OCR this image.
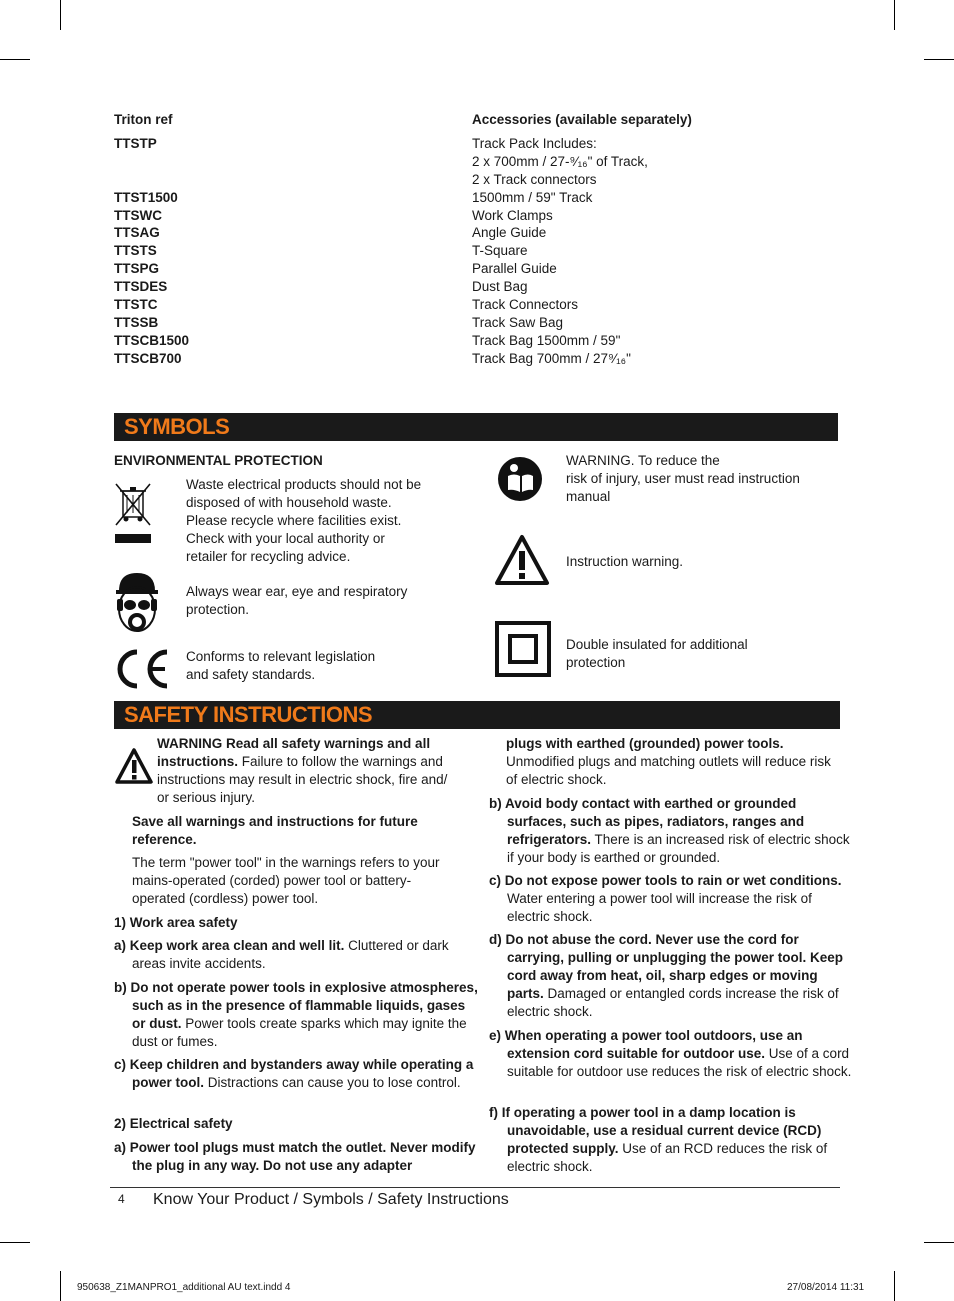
Triton ref	Accessories (available separately)
TTSTP	Track Pack Includes:
2 x 700mm / 27-⁹⁄₁₆" of Track,
2 x Track connectors
TTST1500	1500mm / 59" Track
TTSWC	Work Clamps
TTSAG	Angle Guide
TTSTS	T-Square
TTSPG	Parallel Guide
TTSDES	Dust Bag
TTSTC	Track Connectors
TTSSB	Track Saw Bag
TTSCB1500	Track Bag 1500mm / 59"
TTSCB700	Track Bag 700mm / 27⁹⁄₁₆"
SYMBOLS
ENVIRONMENTAL PROTECTION
Waste electrical products should not be
disposed of with household waste.
Please recycle where facilities exist.
Check with your local authority or
retailer for recycling advice.
Always wear ear, eye and respiratory
protection.
Conforms to relevant legislation
and safety standards.
WARNING. To reduce the
risk of injury, user must read instruction
manual
Instruction warning.
Double insulated for additional
protection
SAFETY INSTRUCTIONS
WARNING Read all safety warnings and all instructions. Failure to follow the warnings and instructions may result in electric shock, fire and/ or serious injury.
Save all warnings and instructions for future reference.
The term "power tool" in the warnings refers to your mains-operated (corded) power tool or battery-operated (cordless) power tool.
1) Work area safety
a) Keep work area clean and well lit. Cluttered or dark areas invite accidents.
b) Do not operate power tools in explosive atmospheres, such as in the presence of flammable liquids, gases or dust. Power tools create sparks which may ignite the dust or fumes.
c) Keep children and bystanders away while operating a power tool. Distractions can cause you to lose control.
2) Electrical safety
a) Power tool plugs must match the outlet. Never modify the plug in any way. Do not use any adapter
plugs with earthed (grounded) power tools. Unmodified plugs and matching outlets will reduce risk of electric shock.
b) Avoid body contact with earthed or grounded surfaces, such as pipes, radiators, ranges and refrigerators. There is an increased risk of electric shock if your body is earthed or grounded.
c) Do not expose power tools to rain or wet conditions. Water entering a power tool will increase the risk of electric shock.
d) Do not abuse the cord. Never use the cord for carrying, pulling or unplugging the power tool. Keep cord away from heat, oil, sharp edges or moving parts. Damaged or entangled cords increase the risk of electric shock.
e) When operating a power tool outdoors, use an extension cord suitable for outdoor use. Use of a cord suitable for outdoor use reduces the risk of electric shock.
f) If operating a power tool in a damp location is unavoidable, use a residual current device (RCD) protected supply. Use of an RCD reduces the risk of electric shock.
4 Know Your Product / Symbols / Safety Instructions
950638_Z1MANPRO1_additional AU text.indd 4	27/08/2014 11:31
